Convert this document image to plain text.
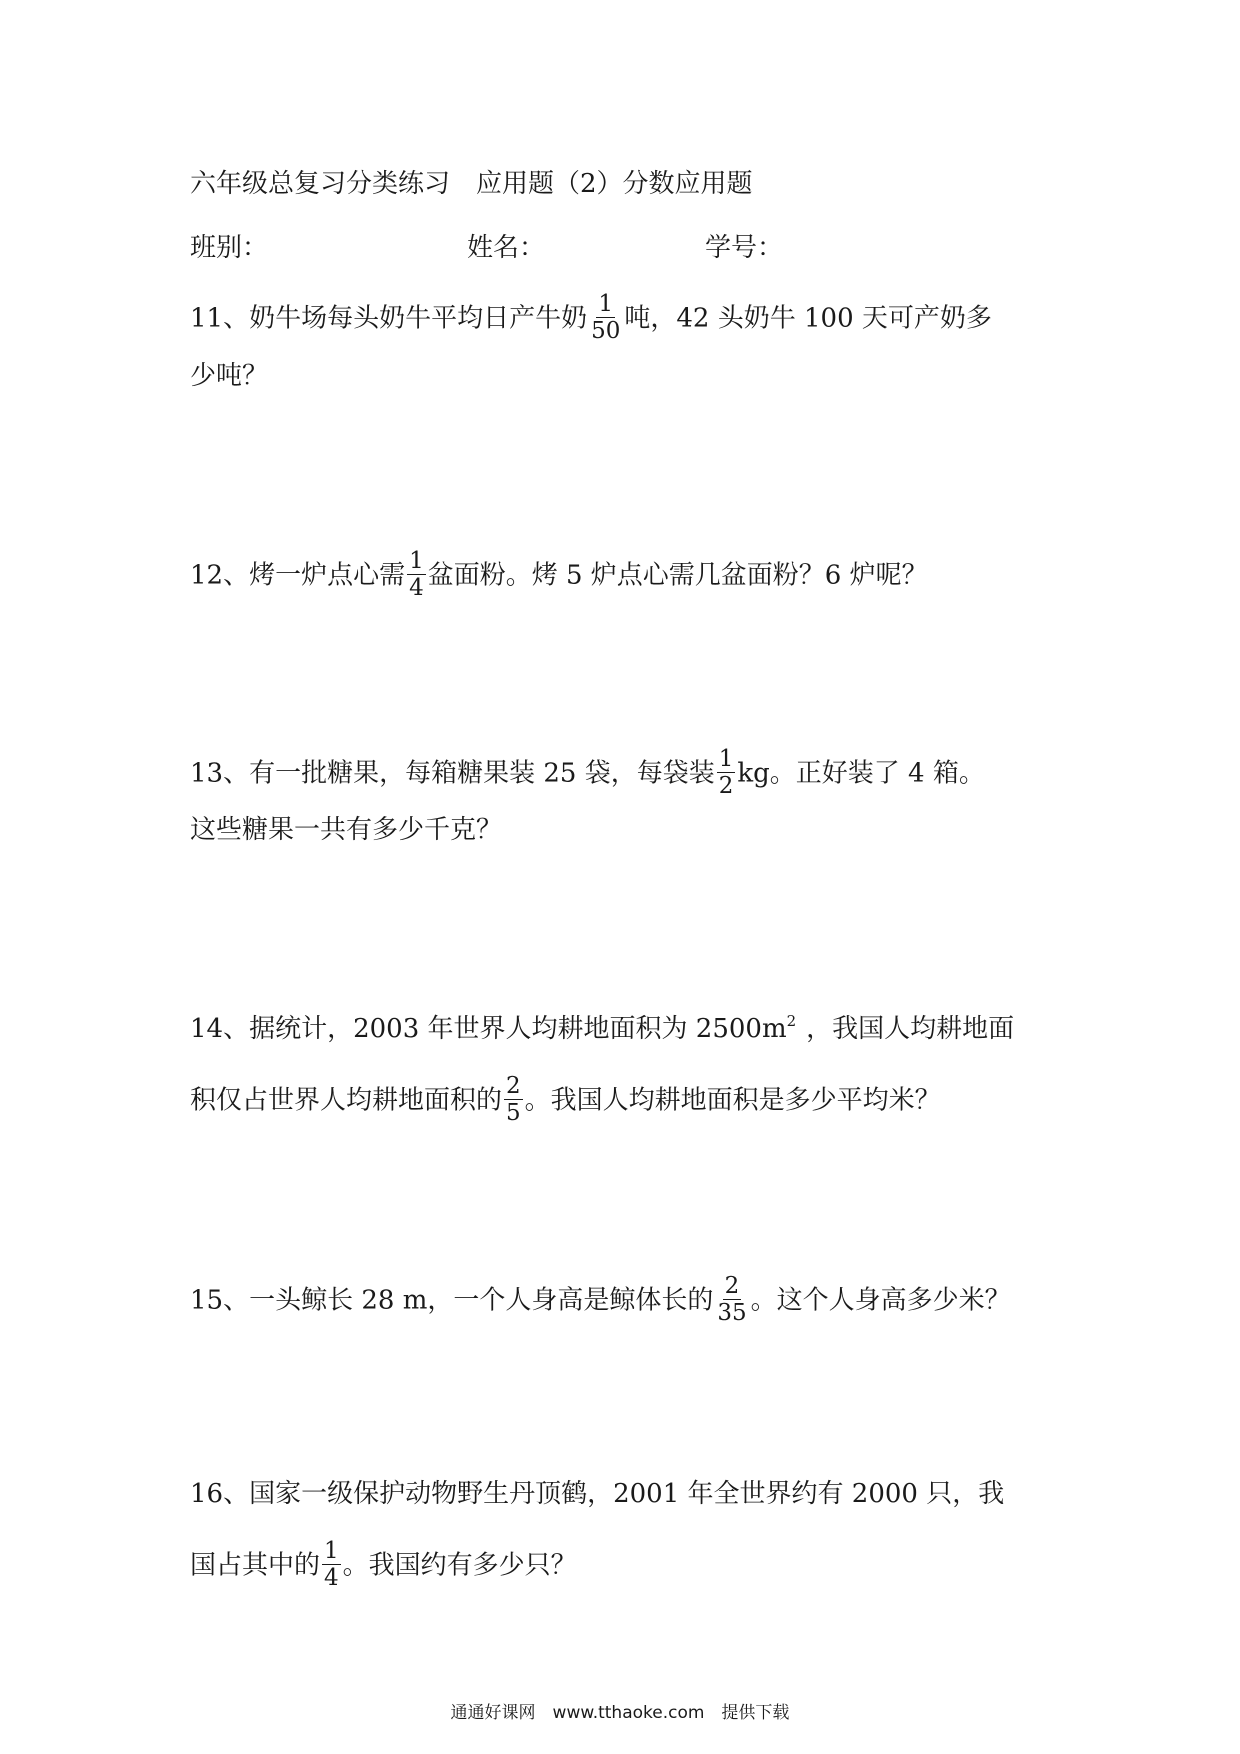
六年级总复习分类练习　应用题（2）分数应用题
班别：	姓名：	学号：
11、奶牛场每头奶牛平均日产牛奶 $\frac{1}{50}$ 吨，42 头奶牛 100 天可产奶多
少吨？
12、烤一炉点心需 $\frac{1}{4}$ 盆面粉。烤 5 炉点心需几盆面粉？6 炉呢？
13、有一批糖果，每箱糖果装 25 袋，每袋装 $\frac{1}{2}$ kg。正好装了 4 箱。
这些糖果一共有多少千克？
14、据统计，2003 年世界人均耕地面积为 $2500m^2$ ，我国人均耕地面
积仅占世界人均耕地面积的 $\frac{2}{5}$ 。我国人均耕地面积是多少平均米？
15、一头鲸长 28 m，一个人身高是鲸体长的 $\frac{2}{35}$ 。这个人身高多少米？
16、国家一级保护动物野生丹顶鹤，2001 年全世界约有 2000 只，我
国占其中的 $\frac{1}{4}$ 。我国约有多少只？
通通好课网　www.tthaoke.com　提供下载
